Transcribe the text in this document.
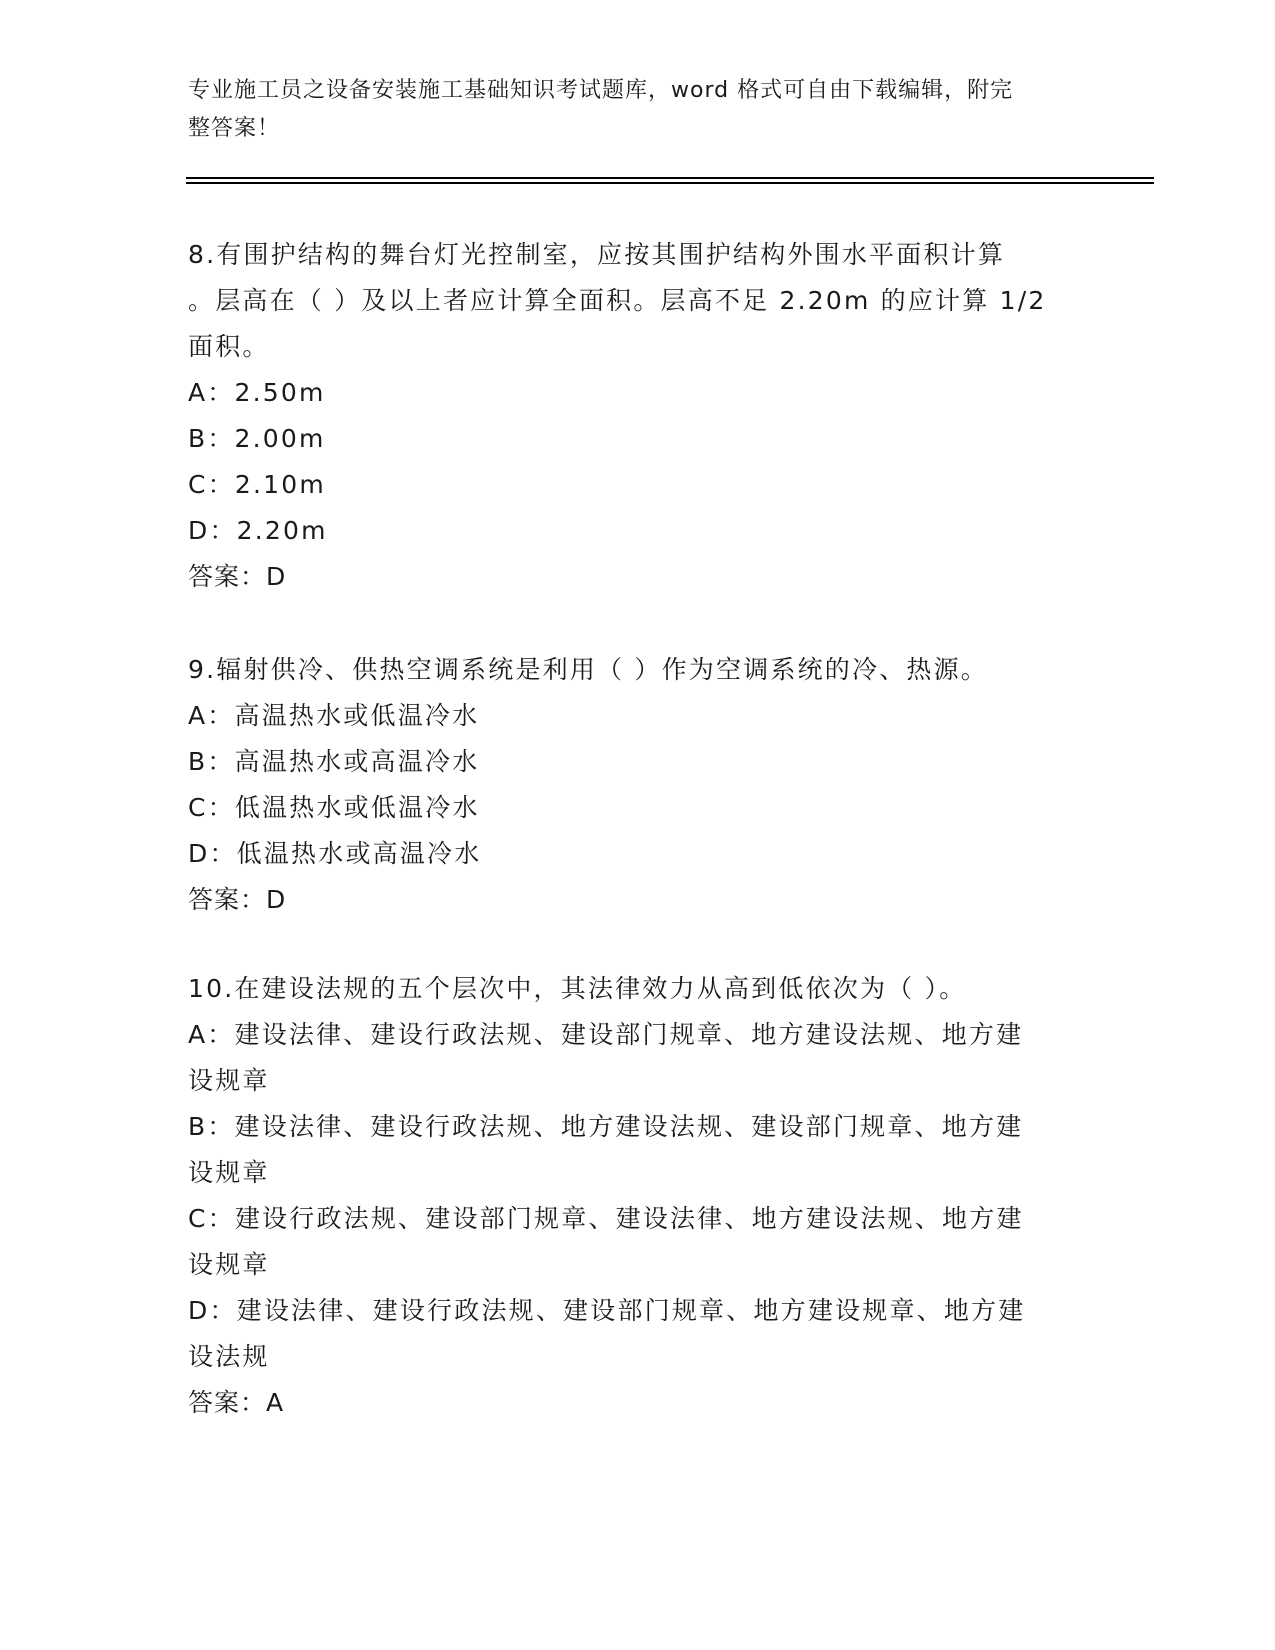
专业施工员之设备安装施工基础知识考试题库，word 格式可自由下载编辑，附完
整答案！
8.有围护结构的舞台灯光控制室，应按其围护结构外围水平面积计算
。层高在（ ）及以上者应计算全面积。层高不足 2.20m 的应计算 1/2
面积。
A：2.50m
B：2.00m
C：2.10m
D：2.20m
答案：D
9.辐射供冷、供热空调系统是利用（ ）作为空调系统的冷、热源。
A：高温热水或低温冷水
B：高温热水或高温冷水
C：低温热水或低温冷水
D：低温热水或高温冷水
答案：D
10.在建设法规的五个层次中，其法律效力从高到低依次为（ ）。
A：建设法律、建设行政法规、建设部门规章、地方建设法规、地方建
设规章
B：建设法律、建设行政法规、地方建设法规、建设部门规章、地方建
设规章
C：建设行政法规、建设部门规章、建设法律、地方建设法规、地方建
设规章
D：建设法律、建设行政法规、建设部门规章、地方建设规章、地方建
设法规
答案：A
